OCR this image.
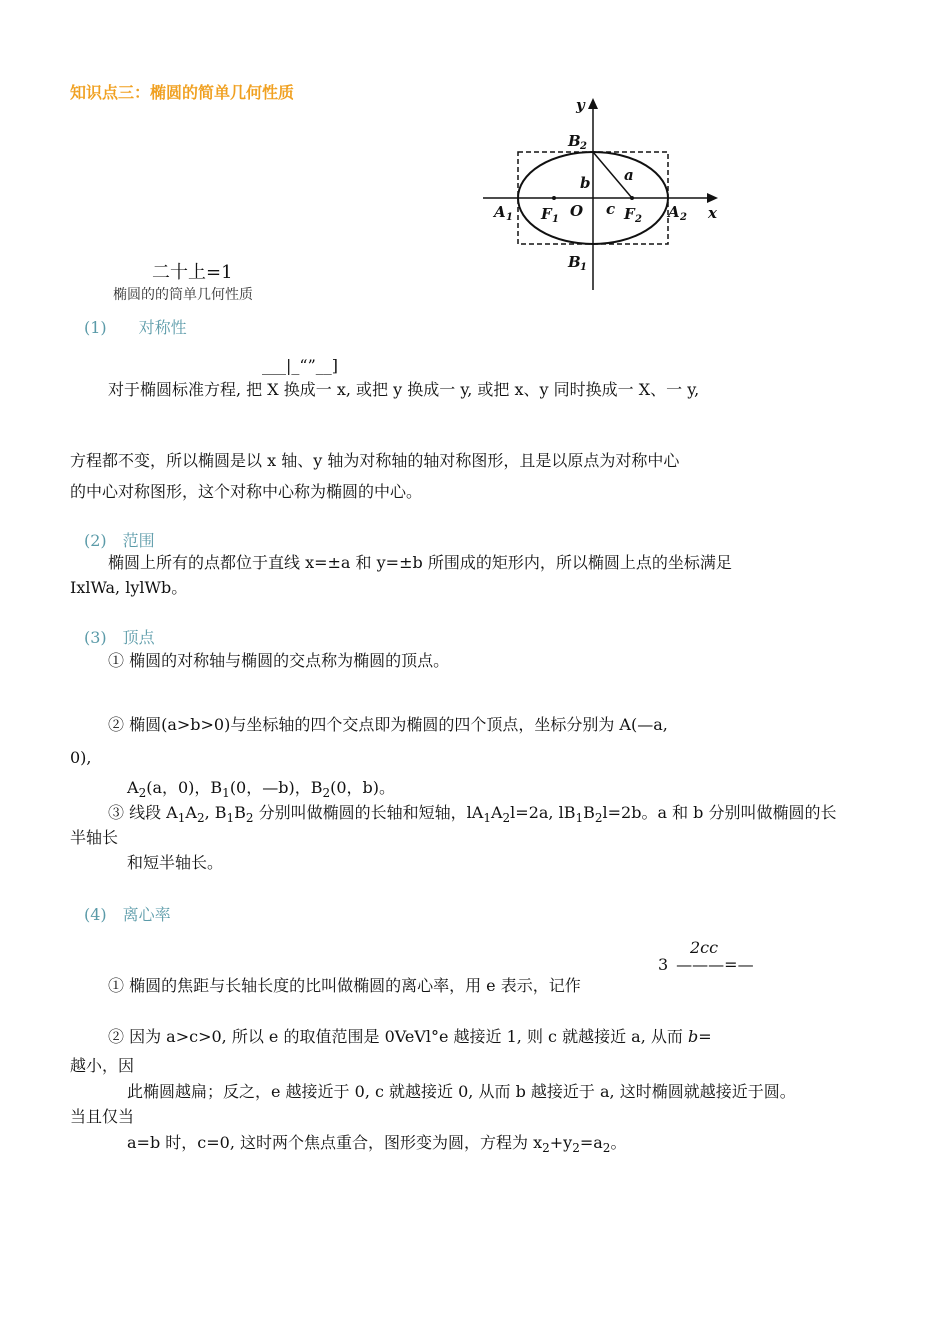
知识点三：椭圆的简单几何性质
y
x
B 2
B 1
A 1	A 2
F 1	F 2
O
b a
c
二十上=1
椭圆的的筒单几何性质
(1)　　对称性
___|_“”__]
对于椭圆标准方程, 把 X 换成一 x, 或把 y 换成一 y, 或把 x、y 同时换成一 X、一 y,
方程都不变，所以椭圆是以 x 轴、y 轴为对称轴的轴对称图形，且是以原点为对称中心
的中心对称图形，这个对称中心称为椭圆的中心。
(2)　范围
椭圆上所有的点都位于直线 x=±a 和 y=±b 所围成的矩形内，所以椭圆上点的坐标满足
IxlWa, lylWb。
(3)　顶点
① 椭圆的对称轴与椭圆的交点称为椭圆的顶点。
② 椭圆(a>b>0)与坐标轴的四个交点即为椭圆的四个顶点，坐标分别为 A(—a,
0),
$A_2(a$，0)，$B_1(0$，—b)，$B_2(0$，b)。
③ 线段 $A_1A_2$, $B_1B_2$ 分别叫做椭圆的长轴和短轴，$lA_1A_2l=2a$, $lB_1B_2l=2b$。a 和 b 分别叫做椭圆的长
半轴长
和短半轴长。
(4)　离心率
2cc
3 ———=—
① 椭圆的焦距与长轴长度的比叫做椭圆的离心率，用 e 表示，记作
② 因为 a>c>0, 所以 e 的取值范围是 0VeVl°e 越接近 1, 则 c 就越接近 a, 从而 b=
越小，因
此椭圆越扁；反之，e 越接近于 0, c 就越接近 0, 从而 b 越接近于 a, 这时椭圆就越接近于圆。
当且仅当
a=b 时，c=0, 这时两个焦点重合，图形变为圆，方程为 $x_2+y_2=a_2$。
